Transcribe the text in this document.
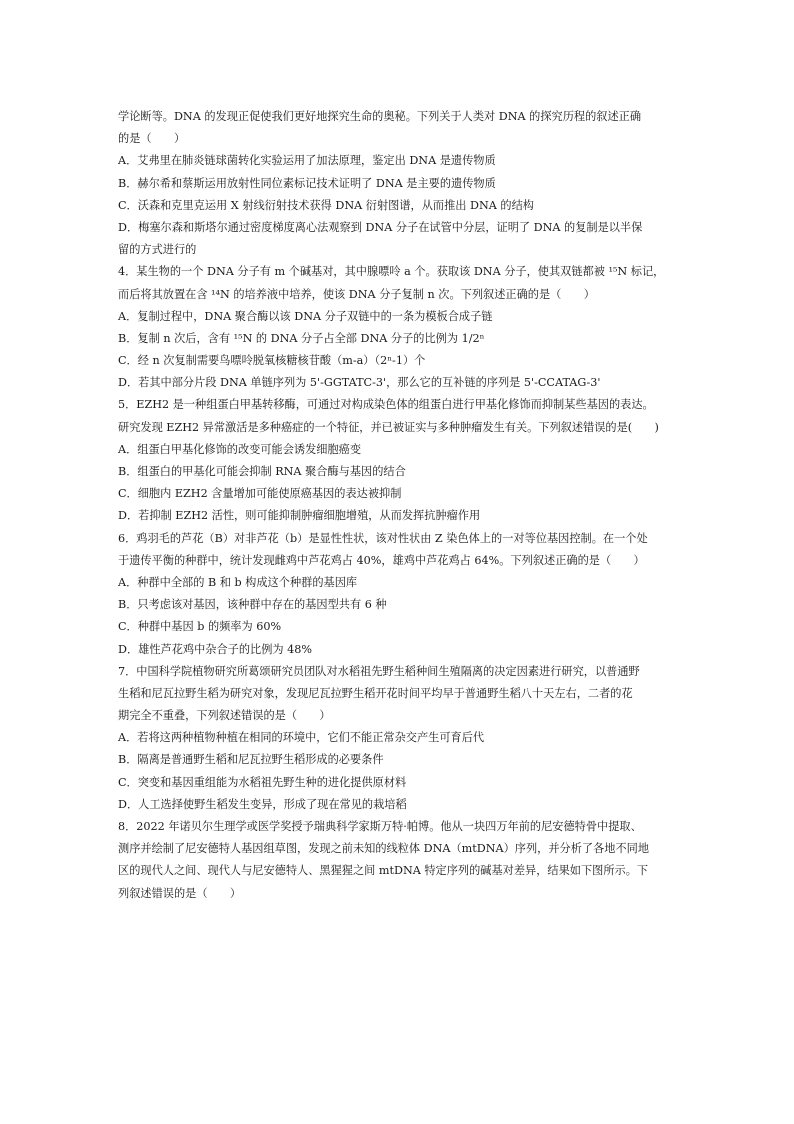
学论断等。DNA 的发现正促使我们更好地探究生命的奥秘。下列关于人类对 DNA 的探究历程的叙述正确
的是（　　）
A．艾弗里在肺炎链球菌转化实验运用了加法原理，鉴定出 DNA 是遗传物质
B．赫尔希和蔡斯运用放射性同位素标记技术证明了 DNA 是主要的遗传物质
C．沃森和克里克运用 X 射线衍射技术获得 DNA 衍射图谱，从而推出 DNA 的结构
D．梅塞尔森和斯塔尔通过密度梯度离心法观察到 DNA 分子在试管中分层，证明了 DNA 的复制是以半保
留的方式进行的
4．某生物的一个 DNA 分子有 m 个碱基对，其中腺嘌呤 a 个。获取该 DNA 分子，使其双链都被 ¹⁵N 标记，
而后将其放置在含 ¹⁴N 的培养液中培养，使该 DNA 分子复制 n 次。下列叙述正确的是（　　）
A．复制过程中，DNA 聚合酶以该 DNA 分子双链中的一条为模板合成子链
B．复制 n 次后，含有 ¹⁵N 的 DNA 分子占全部 DNA 分子的比例为 1/2ⁿ
C．经 n 次复制需要鸟嘌呤脱氧核糖核苷酸（m-a）（2ⁿ-1）个
D．若其中部分片段 DNA 单链序列为 5'-GGTATC-3'，那么它的互补链的序列是 5'-CCATAG-3'
5．EZH2 是一种组蛋白甲基转移酶，可通过对构成染色体的组蛋白进行甲基化修饰而抑制某些基因的表达。
研究发现 EZH2 异常激活是多种癌症的一个特征，并已被证实与多种肿瘤发生有关。下列叙述错误的是(　　)
A．组蛋白甲基化修饰的改变可能会诱发细胞癌变
B．组蛋白的甲基化可能会抑制 RNA 聚合酶与基因的结合
C．细胞内 EZH2 含量增加可能使原癌基因的表达被抑制
D．若抑制 EZH2 活性，则可能抑制肿瘤细胞增殖，从而发挥抗肿瘤作用
6．鸡羽毛的芦花（B）对非芦花（b）是显性性状，该对性状由 Z 染色体上的一对等位基因控制。在一个处
于遗传平衡的种群中，统计发现雌鸡中芦花鸡占 40%，雄鸡中芦花鸡占 64%。下列叙述正确的是（　　）
A．种群中全部的 B 和 b 构成这个种群的基因库
B．只考虑该对基因，该种群中存在的基因型共有 6 种
C．种群中基因 b 的频率为 60%
D．雄性芦花鸡中杂合子的比例为 48%
7．中国科学院植物研究所葛颂研究员团队对水稻祖先野生稻种间生殖隔离的决定因素进行研究，以普通野
生稻和尼瓦拉野生稻为研究对象，发现尼瓦拉野生稻开花时间平均早于普通野生稻八十天左右，二者的花
期完全不重叠，下列叙述错误的是（　　）
A．若将这两种植物种植在相同的环境中，它们不能正常杂交产生可育后代
B．隔离是普通野生稻和尼瓦拉野生稻形成的必要条件
C．突变和基因重组能为水稻祖先野生种的进化提供原材料
D．人工选择使野生稻发生变异，形成了现在常见的栽培稻
8．2022 年诺贝尔生理学或医学奖授予瑞典科学家斯万特·帕博。他从一块四万年前的尼安德特骨中提取、
测序并绘制了尼安德特人基因组草图，发现之前未知的线粒体 DNA（mtDNA）序列，并分析了各地不同地
区的现代人之间、现代人与尼安德特人、黑猩猩之间 mtDNA 特定序列的碱基对差异，结果如下图所示。下
列叙述错误的是（　　）
